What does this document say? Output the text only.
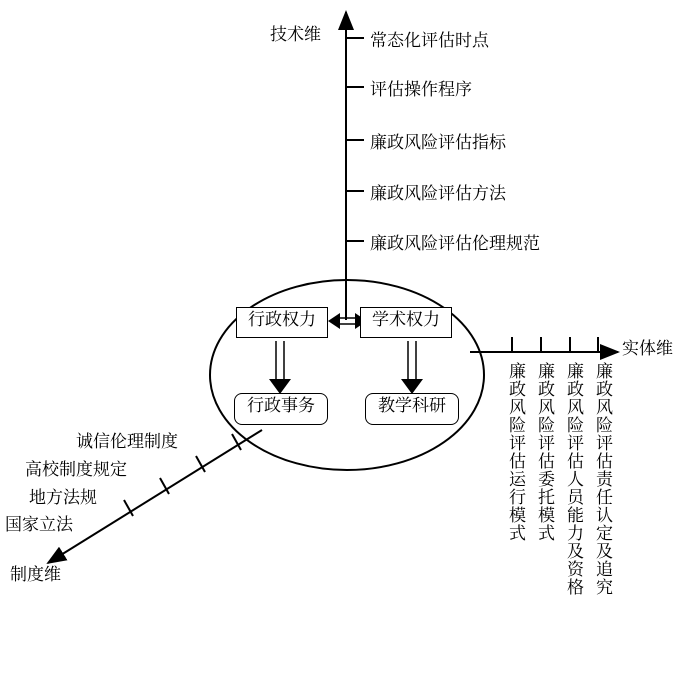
技术维
实体维
制度维
常态化评估时点
评估操作程序
廉政风险评估指标
廉政风险评估方法
廉政风险评估伦理规范
廉政风险评估运行模式 廉政风险评估委托模式 廉政风险评估人员能力及资格 廉政风险评估责任认定及追究
诚信伦理制度
高校制度规定
地方法规
国家立法
行政权力	学术权力
行政事务	教学科研
